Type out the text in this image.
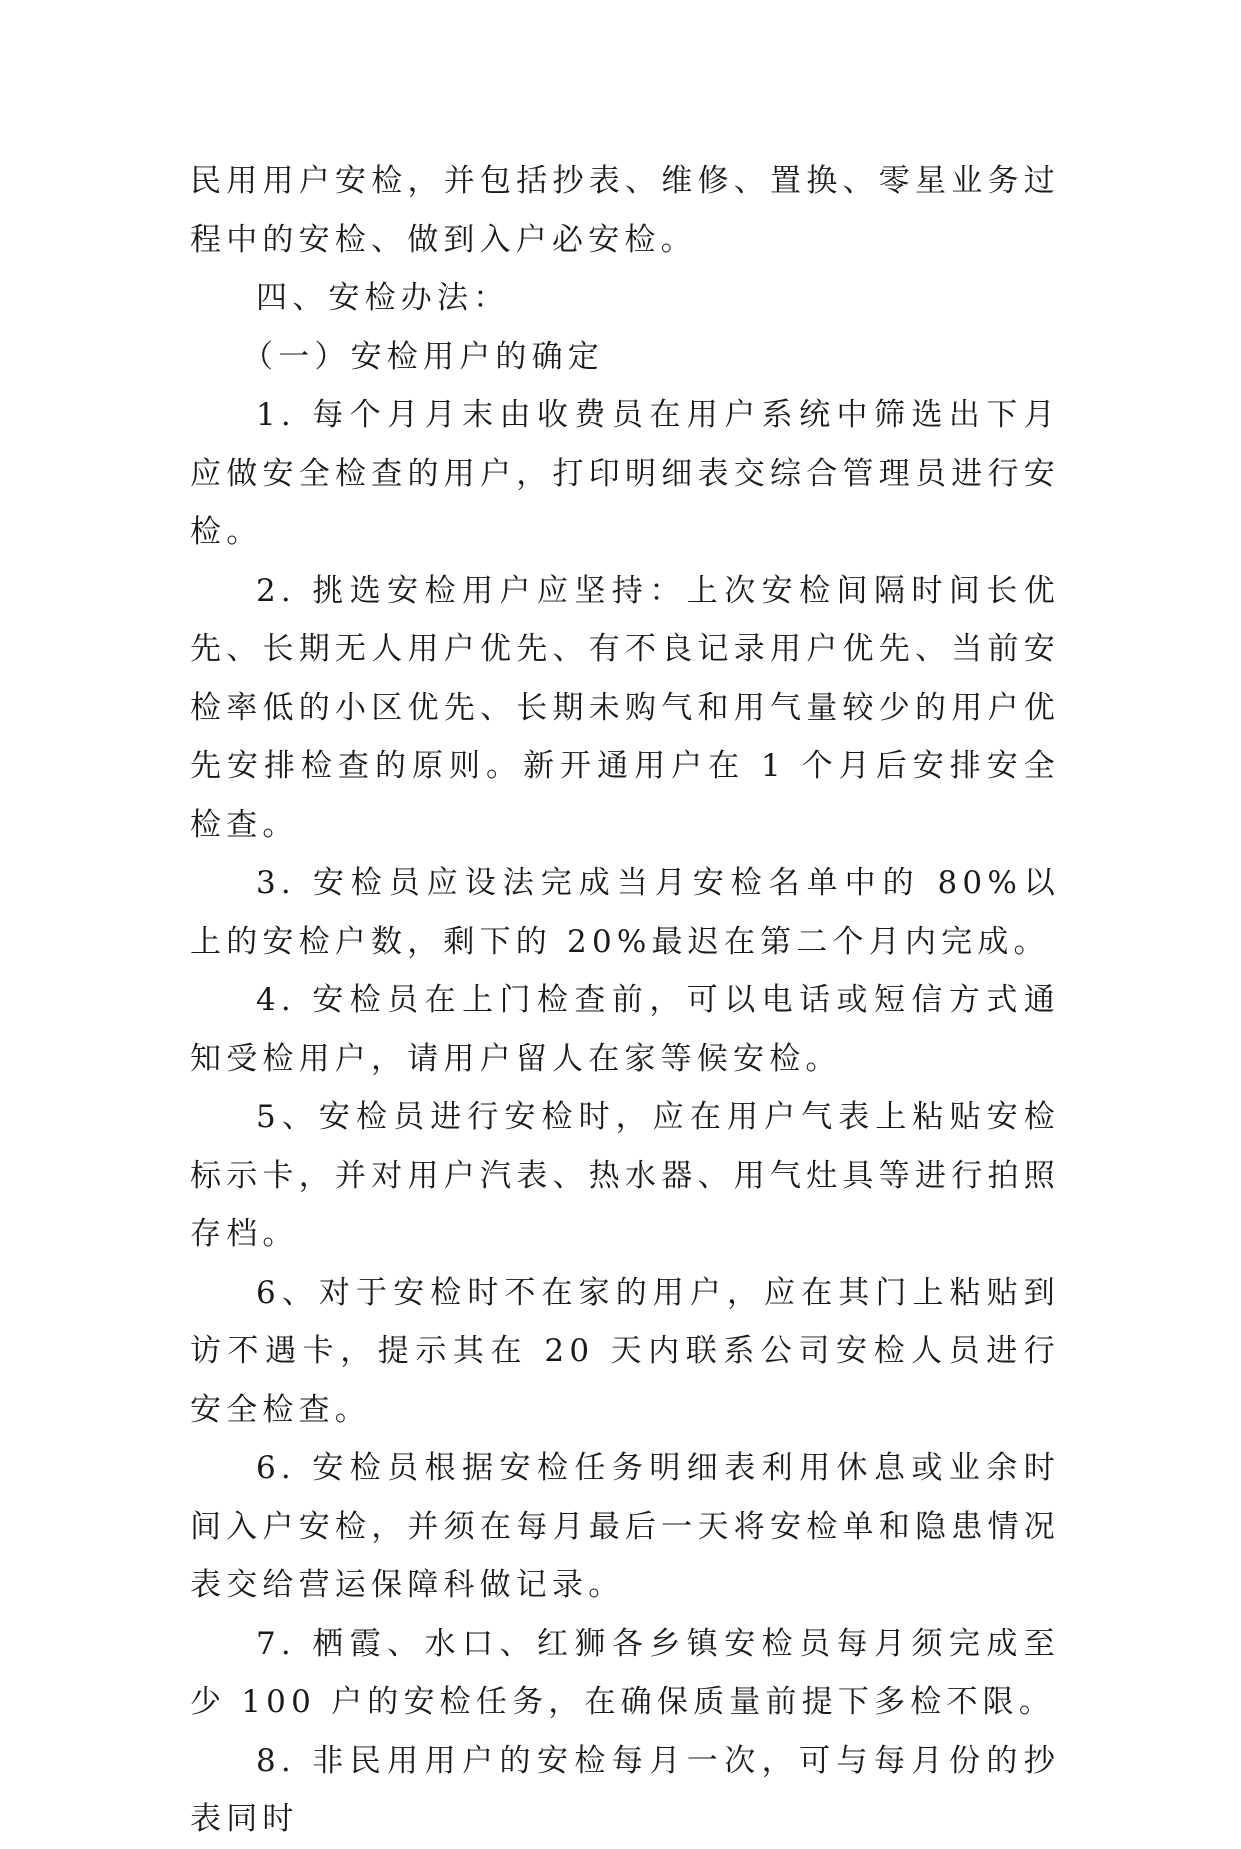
民用用户安检，并包括抄表、维修、置换、零星业务过程中的安检、做到入户必安检。

四、安检办法：

（一）安检用户的确定

1. 每个月月末由收费员在用户系统中筛选出下月应做安全检查的用户，打印明细表交综合管理员进行安检。

2. 挑选安检用户应坚持：上次安检间隔时间长优先、长期无人用户优先、有不良记录用户优先、当前安检率低的小区优先、长期未购气和用气量较少的用户优先安排检查的原则。新开通用户在 1 个月后安排安全检查。

3. 安检员应设法完成当月安检名单中的 80%以上的安检户数，剩下的 20%最迟在第二个月内完成。

4. 安检员在上门检查前，可以电话或短信方式通知受检用户，请用户留人在家等候安检。

5、安检员进行安检时，应在用户气表上粘贴安检标示卡，并对用户汽表、热水器、用气灶具等进行拍照存档。

6、对于安检时不在家的用户，应在其门上粘贴到访不遇卡，提示其在 20 天内联系公司安检人员进行安全检查。

6. 安检员根据安检任务明细表利用休息或业余时间入户安检，并须在每月最后一天将安检单和隐患情况表交给营运保障科做记录。

7. 栖霞、水口、红狮各乡镇安检员每月须完成至少 100 户的安检任务，在确保质量前提下多检不限。

8. 非民用用户的安检每月一次，可与每月份的抄表同时
